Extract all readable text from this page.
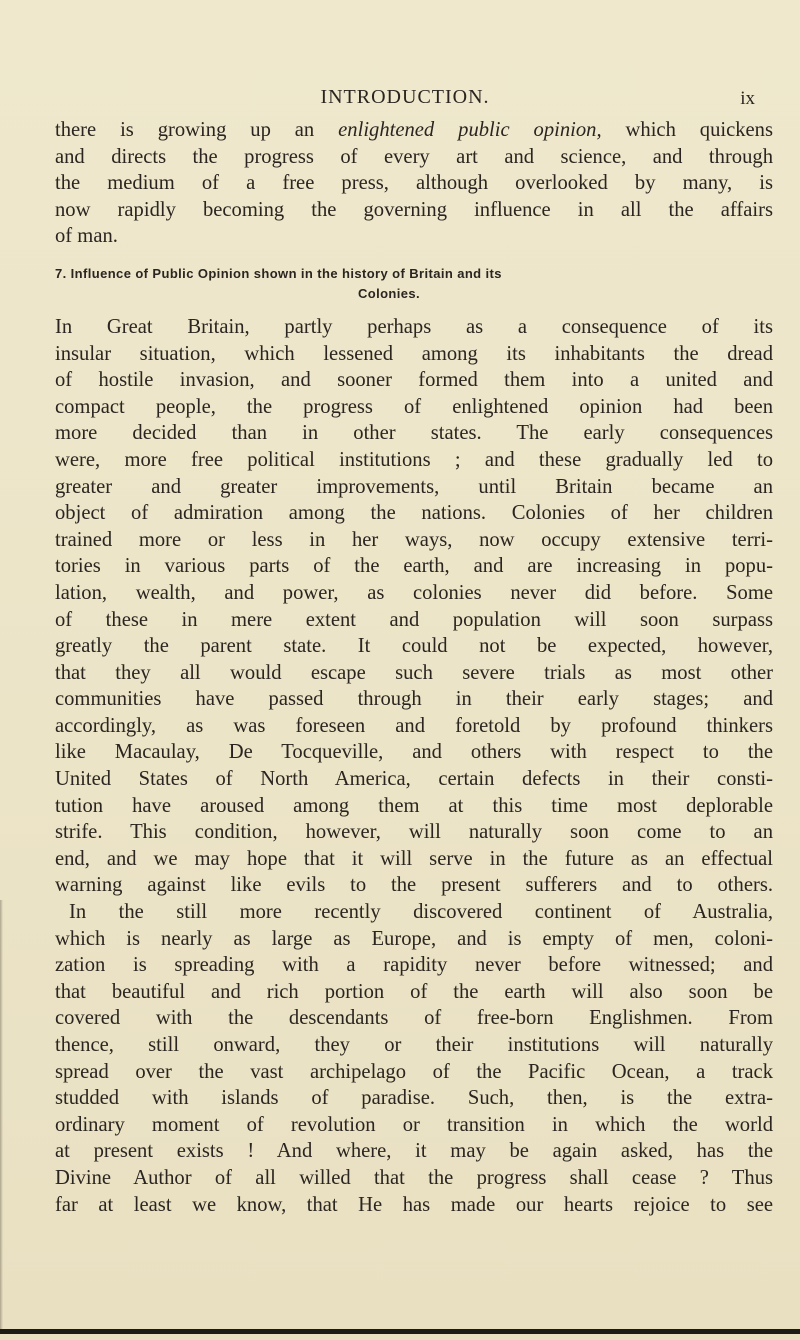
INTRODUCTION.	ix
there is growing up an enlightened public opinion, which quickens
and directs the progress of every art and science, and through
the medium of a free press, although overlooked by many, is
now rapidly becoming the governing influence in all the affairs
of man.
7. Influence of Public Opinion shown in the history of Britain and its
Colonies.
In Great Britain, partly perhaps as a consequence of its
insular situation, which lessened among its inhabitants the dread
of hostile invasion, and sooner formed them into a united and
compact people, the progress of enlightened opinion had been
more decided than in other states. The early consequences
were, more free political institutions ; and these gradually led to
greater and greater improvements, until Britain became an
object of admiration among the nations. Colonies of her children
trained more or less in her ways, now occupy extensive terri-
tories in various parts of the earth, and are increasing in popu-
lation, wealth, and power, as colonies never did before. Some
of these in mere extent and population will soon surpass
greatly the parent state. It could not be expected, however,
that they all would escape such severe trials as most other
communities have passed through in their early stages; and
accordingly, as was foreseen and foretold by profound thinkers
like Macaulay, De Tocqueville, and others with respect to the
United States of North America, certain defects in their consti-
tution have aroused among them at this time most deplorable
strife. This condition, however, will naturally soon come to an
end, and we may hope that it will serve in the future as an effectual
warning against like evils to the present sufferers and to others.
In the still more recently discovered continent of Australia,
which is nearly as large as Europe, and is empty of men, coloni-
zation is spreading with a rapidity never before witnessed; and
that beautiful and rich portion of the earth will also soon be
covered with the descendants of free-born Englishmen. From
thence, still onward, they or their institutions will naturally
spread over the vast archipelago of the Pacific Ocean, a track
studded with islands of paradise. Such, then, is the extra-
ordinary moment of revolution or transition in which the world
at present exists ! And where, it may be again asked, has the
Divine Author of all willed that the progress shall cease ? Thus
far at least we know, that He has made our hearts rejoice to see
